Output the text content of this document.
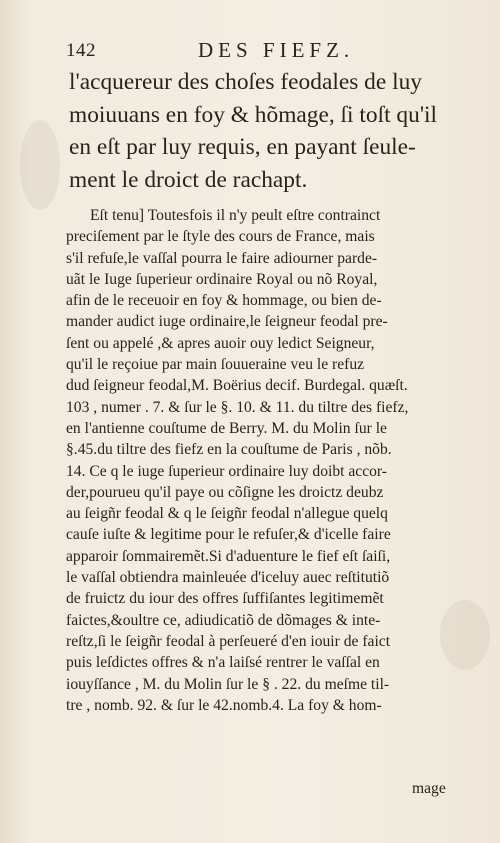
142	DES FIEFZ.
l'acquereur des choſes feodales de luy
moiuuans en foy & hõmage, ſi toſt qu'il
en eſt par luy requis, en payant ſeule-
ment le droict de rachapt.
Eſt tenu] Toutesfois il n'y peult eſtre contrainct
preciſement par le ſtyle des cours de France, mais
s'il refuſe,le vaſſal pourra le faire adiourner parde-
uãt le Iuge ſuperieur ordinaire Royal ou nõ Royal,
afin de le receuoir en foy & hommage, ou bien de-
mander audict iuge ordinaire,le ſeigneur feodal pre-
ſent ou appelé ,& apres auoir ouy ledict Seigneur,
qu'il le reçoiue par main ſouueraine veu le refuz
dud ſeigneur feodal,M. Boërius decif. Burdegal. quæſt.
103 , numer . 7. & ſur le §. 10. & 11. du tiltre des fiefz,
en l'antienne couſtume de Berry. M. du Molin ſur le
§.45.du tiltre des fiefz en la couſtume de Paris , nõb.
14. Ce q le iuge ſuperieur ordinaire luy doibt accor-
der,pourueu qu'il paye ou cõſigne les droictz deubz
au ſeigñr feodal & q le ſeigñr feodal n'allegue quelq
cauſe iuſte & legitime pour le refuſer,& d'icelle faire
apparoir ſommairemẽt.Si d'aduenture le fief eſt ſaiſi,
le vaſſal obtiendra mainleuée d'iceluy auec reſtitutiõ
de fruictz du iour des offres ſuffiſantes legitimemẽt
faictes,&oultre ce, adiudicatiõ de dõmages & inte-
reſtz,ſi le ſeigñr feodal à perſeueré d'en iouir de faict
puis leſdictes offres & n'a laiſsé rentrer le vaſſal en
iouyſſance , M. du Molin ſur le § . 22. du meſme til-
tre , nomb. 92. & ſur le 42.nomb.4. La foy & hom-
mage
